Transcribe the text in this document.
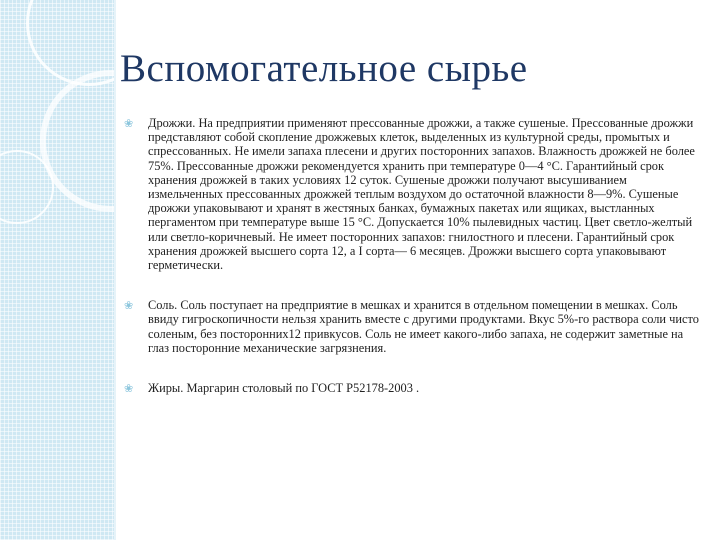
Вспомогательное сырье
❀	Дрожжи. На предприятии применяют прессованные дрожжи, а также сушеные. Прессованные дрожжи представляют собой скопление дрожжевых клеток, выделенных из культурной среды, промытых и спрессованных. Не имели запаха плесени и других посторонних запахов. Влажность дрожжей не более 75%. Прессованные дрожжи рекомендуется хранить при температуре 0—4 °С. Гарантийный срок хранения дрожжей в таких условиях 12 суток. Сушеные дрожжи получают высушиванием измельченных прессованных дрожжей теплым воздухом до остаточной влажности 8—9%. Сушеные дрожжи упаковывают и хранят в жестяных банках, бумажных пакетах или ящиках, выстланных пергаментом при температуре выше 15 °С. Допускается 10% пылевидных частиц. Цвет светло-желтый или светло-коричневый. Не имеет посторонних запахов: гнилостного и плесени. Гарантийный срок хранения дрожжей высшего сорта 12, а I сорта— 6 месяцев. Дрожжи высшего сорта упаковывают герметически.
❀	Соль. Соль поступает на предприятие в мешках и хранится в отдельном помещении в мешках. Соль ввиду гигроскопичности нельзя хранить вместе с другими продуктами. Вкус 5%-го раствора соли чисто соленым, без посторонних12 привкусов. Соль не имеет какого-либо запаха, не содержит заметные на глаз посторонние механические загрязнения.
❀	Жиры. Маргарин столовый по ГОСТ Р52178-2003 .
